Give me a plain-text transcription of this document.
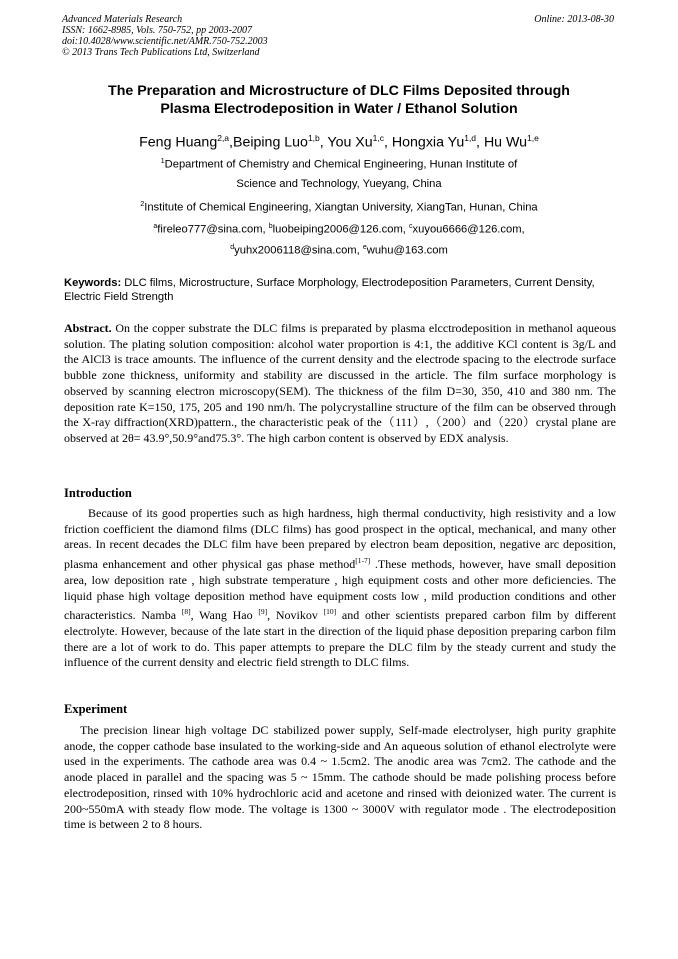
Advanced Materials Research
ISSN: 1662-8985, Vols. 750-752, pp 2003-2007
doi:10.4028/www.scientific.net/AMR.750-752.2003
© 2013 Trans Tech Publications Ltd, Switzerland
Online: 2013-08-30
The Preparation and Microstructure of DLC Films Deposited through
Plasma Electrodeposition in Water / Ethanol Solution
Feng Huang$^{2,a}$,Beiping Luo$^{1,b}$, You Xu$^{1,c}$, Hongxia Yu$^{1,d}$, Hu Wu$^{1,e}$
$^1$Department of Chemistry and Chemical Engineering, Hunan Institute of
Science and Technology, Yueyang, China
$^2$Institute of Chemical Engineering, Xiangtan University, XiangTan, Hunan, China
$^a$fireleo777@sina.com, $^b$luobeiping2006@126.com, $^c$xuyou6666@126.com,
$^d$yuhx2006118@sina.com, $^e$wuhu@163.com
Keywords: DLC films, Microstructure, Surface Morphology, Electrodeposition Parameters, Current Density, Electric Field Strength
Abstract. On the copper substrate the DLC films is preparated by plasma elcctrodeposition in methanol aqueous solution. The plating solution composition: alcohol water proportion is 4:1, the additive KCl content is 3g/L and the AlCl3 is trace amounts. The influence of the current density and the electrode spacing to the electrode surface bubble zone thickness, uniformity and stability are discussed in the article. The film surface morphology is observed by scanning electron microscopy(SEM). The thickness of the film D=30, 350, 410 and 380 nm. The deposition rate K=150, 175, 205 and 190 nm/h. The polycrystalline structure of the film can be observed through the X-ray diffraction(XRD)pattern., the characteristic peak of the（111）,（200）and（220）crystal plane are observed at 2θ= 43.9°,50.9°and75.3°. The high carbon content is observed by EDX analysis.
Introduction
Because of its good properties such as high hardness, high thermal conductivity, high resistivity and a low friction coefficient the diamond films (DLC films) has good prospect in the optical, mechanical, and many other areas. In recent decades the DLC film have been prepared by electron beam deposition, negative arc deposition, plasma enhancement and other physical gas phase method[1-7] .These methods, however, have small deposition area, low deposition rate , high substrate temperature , high equipment costs and other more deficiencies. The liquid phase high voltage deposition method have equipment costs low , mild production conditions and other characteristics. Namba [8], Wang Hao [9], Novikov [10] and other scientists prepared carbon film by different electrolyte. However, because of the late start in the direction of the liquid phase deposition preparing carbon film there are a lot of work to do. This paper attempts to prepare the DLC film by the steady current and study the influence of the current density and electric field strength to DLC films.
Experiment
The precision linear high voltage DC stabilized power supply, Self-made electrolyser, high purity graphite anode, the copper cathode base insulated to the working-side and An aqueous solution of ethanol electrolyte were used in the experiments. The cathode area was 0.4 ~ 1.5cm2. The anodic area was 7cm2. The cathode and the anode placed in parallel and the spacing was 5 ~ 15mm. The cathode should be made polishing process before electrodeposition, rinsed with 10% hydrochloric acid and acetone and rinsed with deionized water. The current is 200~550mA with steady flow mode. The voltage is 1300 ~ 3000V with regulator mode . The electrodeposition time is between 2 to 8 hours.
